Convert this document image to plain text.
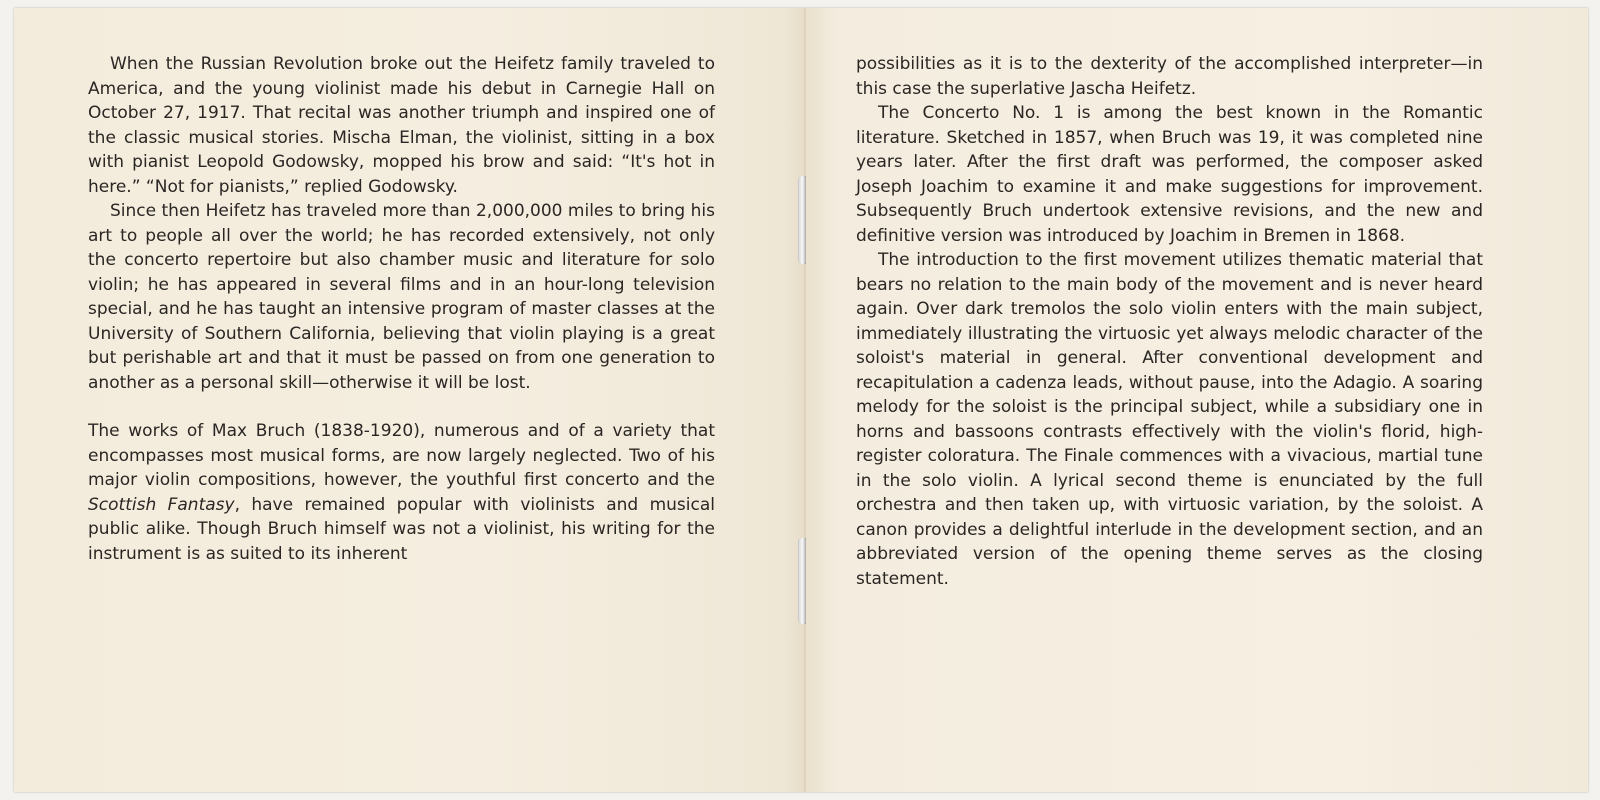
When the Russian Revolution broke out the Heifetz family traveled to America, and the young violinist made his debut in Carnegie Hall on October 27, 1917. That recital was another triumph and inspired one of the classic musical stories. Mischa Elman, the violinist, sitting in a box with pianist Leopold Godowsky, mopped his brow and said: “It's hot in here.” “Not for pianists,” replied Godowsky.

Since then Heifetz has traveled more than 2,000,000 miles to bring his art to people all over the world; he has recorded extensively, not only the concerto repertoire but also chamber music and literature for solo violin; he has appeared in several films and in an hour-long television special, and he has taught an intensive program of master classes at the University of Southern California, believing that violin playing is a great but perishable art and that it must be passed on from one generation to another as a personal skill—otherwise it will be lost.

The works of Max Bruch (1838-1920), numerous and of a variety that encompasses most musical forms, are now largely neglected. Two of his major violin compositions, however, the youthful first concerto and the Scottish Fantasy, have remained popular with violinists and musical public alike. Though Bruch himself was not a violinist, his writing for the instrument is as suited to its inherent

possibilities as it is to the dexterity of the accomplished interpreter—in this case the superlative Jascha Heifetz.

The Concerto No. 1 is among the best known in the Romantic literature. Sketched in 1857, when Bruch was 19, it was completed nine years later. After the first draft was performed, the composer asked Joseph Joachim to examine it and make suggestions for improvement. Subsequently Bruch undertook extensive revisions, and the new and definitive version was introduced by Joachim in Bremen in 1868.

The introduction to the first movement utilizes thematic material that bears no relation to the main body of the movement and is never heard again. Over dark tremolos the solo violin enters with the main subject, immediately illustrating the virtuosic yet always melodic character of the soloist's material in general. After conventional development and recapitulation a cadenza leads, without pause, into the Adagio. A soaring melody for the soloist is the principal subject, while a subsidiary one in horns and bassoons contrasts effectively with the violin's florid, high-register coloratura. The Finale commences with a vivacious, martial tune in the solo violin. A lyrical second theme is enunciated by the full orchestra and then taken up, with virtuosic variation, by the soloist. A canon provides a delightful interlude in the development section, and an abbreviated version of the opening theme serves as the closing statement.
